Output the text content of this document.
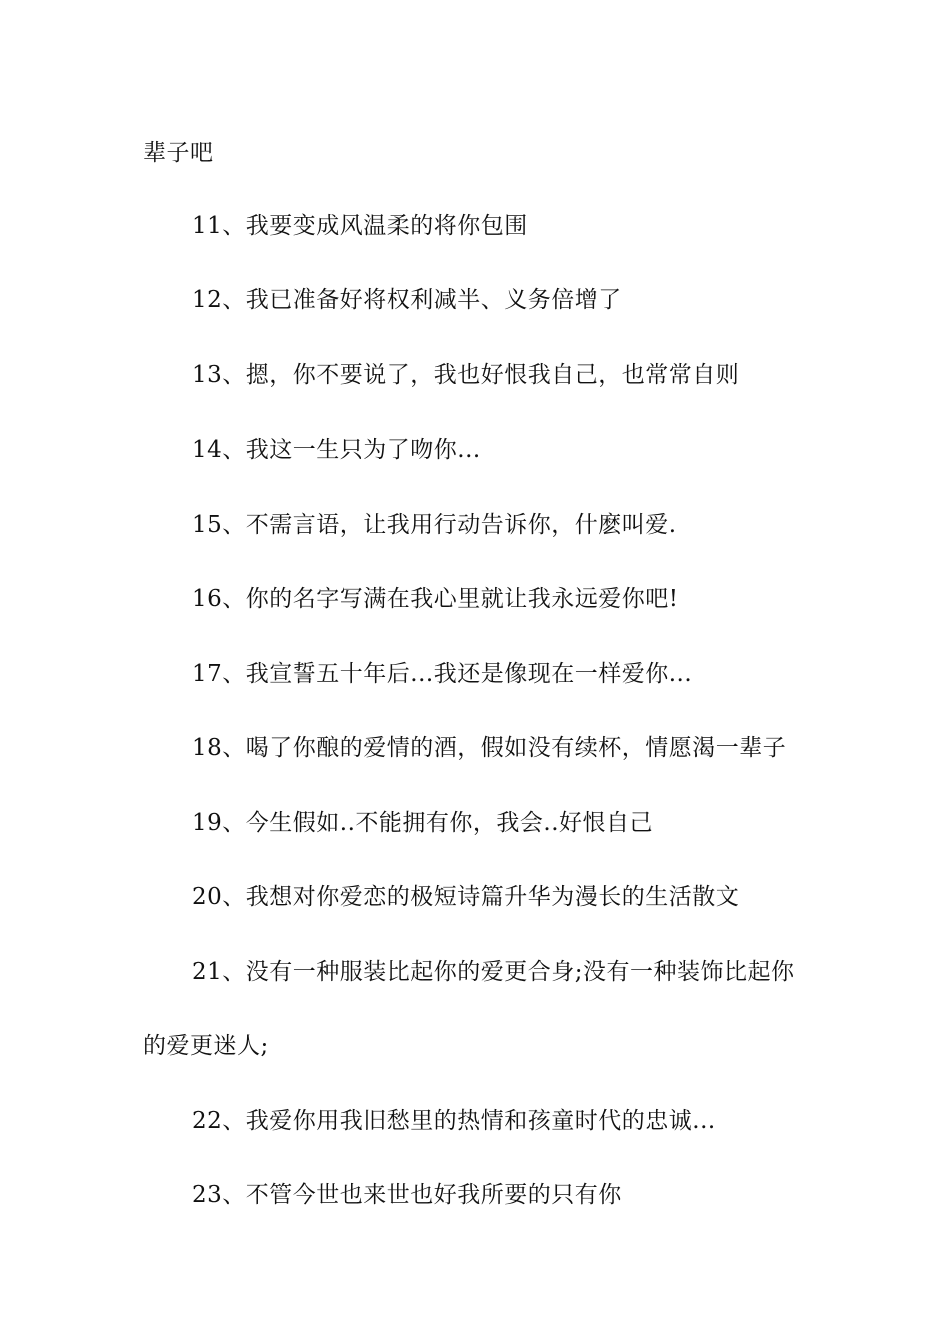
辈子吧
11、我要变成风温柔的将你包围
12、我已准备好将权利减半、义务倍增了
13、摁，你不要说了，我也好恨我自己，也常常自则
14、我这一生只为了吻你...
15、不需言语，让我用行动告诉你，什麽叫爱.
16、你的名字写满在我心里就让我永远爱你吧!
17、我宣誓五十年后...我还是像现在一样爱你...
18、喝了你酿的爱情的酒，假如没有续杯，情愿渴一辈子
19、今生假如..不能拥有你，我会..好恨自己
20、我想对你爱恋的极短诗篇升华为漫长的生活散文
21、没有一种服装比起你的爱更合身;没有一种装饰比起你
的爱更迷人;
22、我爱你用我旧愁里的热情和孩童时代的忠诚...
23、不管今世也来世也好我所要的只有你
